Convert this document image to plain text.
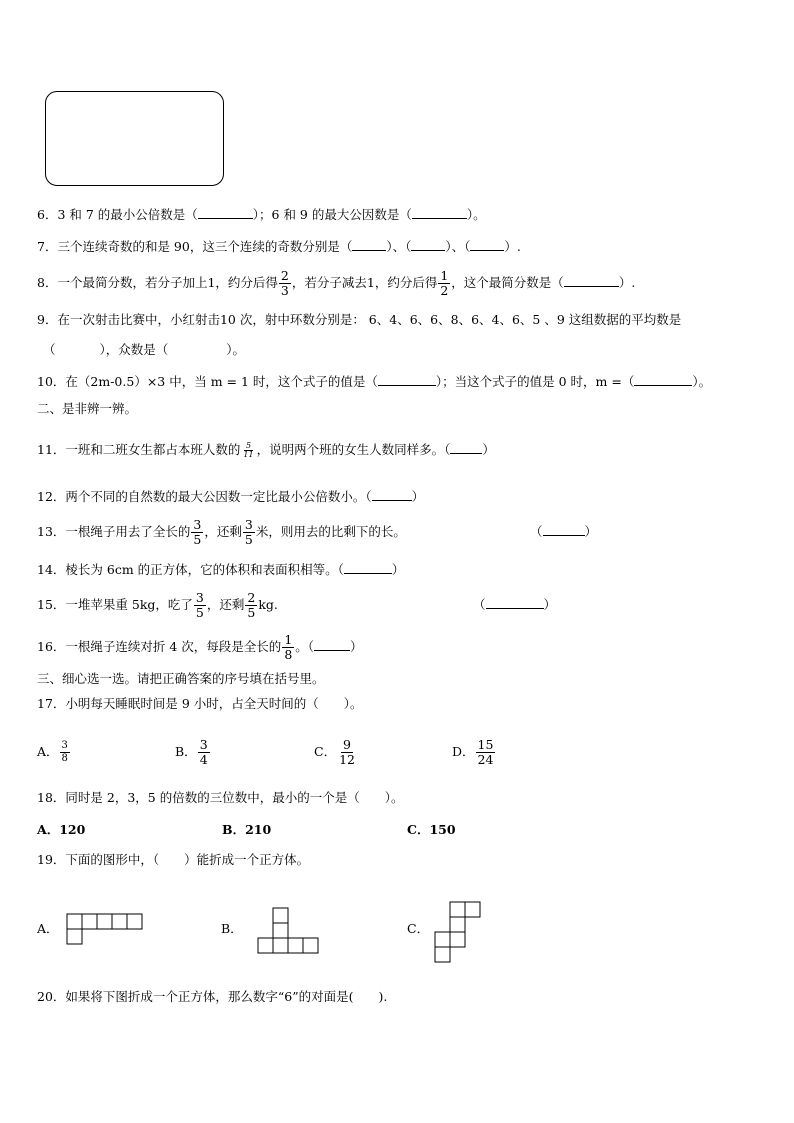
6．3 和 7 的最小公倍数是（	）；6 和 9 的最大公因数是（	）。
7．三个连续奇数的和是 90，这三个连续的奇数分别是（	）、（	）、（	）.
8．一个最简分数，若分子加上1，约分后得 $\frac{2}{3}$ ，若分子减去1，约分后得 $\frac{1}{2}$ ，这个最简分数是（	）.
9．在一次射击比赛中，小红射击10 次，射中环数分别是： 6、4、6、6、8、6、4、6、5 、9 这组数据的平均数是
（	），众数是（	）。
10．在（2m-0.5）×3 中，当 m = 1 时，这个式子的值是（	）；当这个式子的值是 0 时，m =（	）。
二、是非辨一辨。
11．一班和二班女生都占本班人数的 $\frac{5}{11}$ ，说明两个班的女生人数同样多。（	）
12．两个不同的自然数的最大公因数一定比最小公倍数小。（	）
13．一根绳子用去了全长的 $\frac{3}{5}$ ，还剩 $\frac{3}{5}$ 米，则用去的比剩下的长。	（	）
14．棱长为 6cm 的正方体，它的体积和表面积相等。（	）
15．一堆苹果重 5kg，吃了 $\frac{3}{5}$ ，还剩 $\frac{2}{5}$ kg.	（	）
16．一根绳子连续对折 4 次，每段是全长的 $\frac{1}{8}$ 。（	）
三、细心选一选。请把正确答案的序号填在括号里。
17．小明每天睡眠时间是 9 小时，占全天时间的（　　）。
A． $\frac{3}{8}$	B． $\frac{3}{4}$	C． $\frac{9}{12}$	D． $\frac{15}{24}$
18．同时是 2，3，5 的倍数的三位数中，最小的一个是（　　）。
A．120	B．210	C．150
19．下面的图形中，（　　）能折成一个正方体。
A．	B．	C．
20．如果将下图折成一个正方体，那么数字“6”的对面是(　　).
